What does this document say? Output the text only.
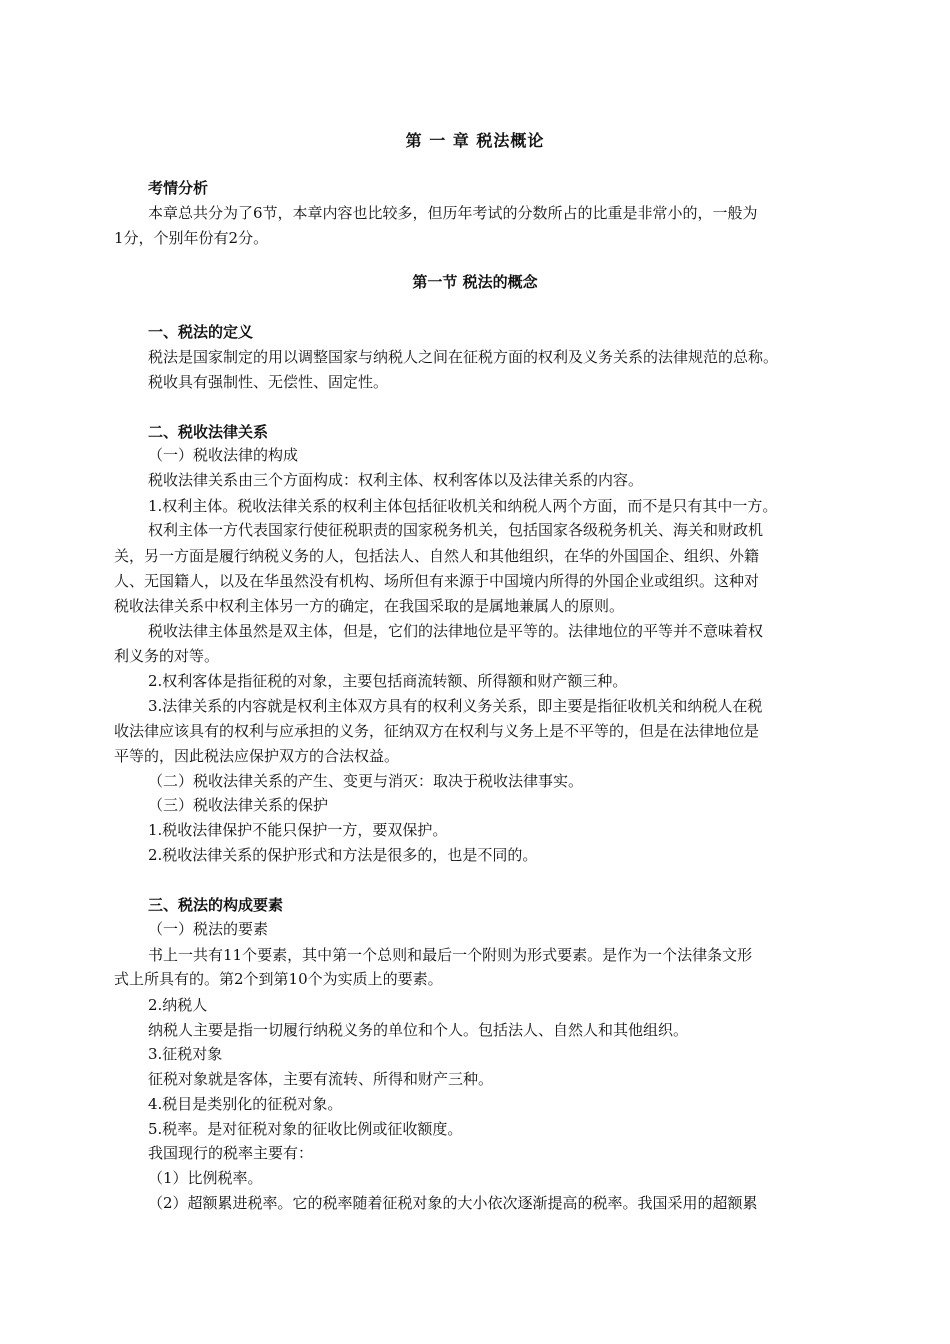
第 一 章 税法概论
考情分析
本章总共分为了6节，本章内容也比较多，但历年考试的分数所占的比重是非常小的，一般为
1分，个别年份有2分。
第一节 税法的概念
一、税法的定义
税法是国家制定的用以调整国家与纳税人之间在征税方面的权利及义务关系的法律规范的总称。
税收具有强制性、无偿性、固定性。
二、税收法律关系
（一）税收法律的构成
税收法律关系由三个方面构成：权利主体、权利客体以及法律关系的内容。
1.权利主体。税收法律关系的权利主体包括征收机关和纳税人两个方面，而不是只有其中一方。
权利主体一方代表国家行使征税职责的国家税务机关，包括国家各级税务机关、海关和财政机
关，另一方面是履行纳税义务的人，包括法人、自然人和其他组织，在华的外国国企、组织、外籍
人、无国籍人，以及在华虽然没有机构、场所但有来源于中国境内所得的外国企业或组织。这种对
税收法律关系中权利主体另一方的确定，在我国采取的是属地兼属人的原则。
税收法律主体虽然是双主体，但是，它们的法律地位是平等的。法律地位的平等并不意味着权
利义务的对等。
2.权利客体是指征税的对象，主要包括商流转额、所得额和财产额三种。
3.法律关系的内容就是权利主体双方具有的权利义务关系，即主要是指征收机关和纳税人在税
收法律应该具有的权利与应承担的义务，征纳双方在权利与义务上是不平等的，但是在法律地位是
平等的，因此税法应保护双方的合法权益。
（二）税收法律关系的产生、变更与消灭：取决于税收法律事实。
（三）税收法律关系的保护
1.税收法律保护不能只保护一方，要双保护。
2.税收法律关系的保护形式和方法是很多的，也是不同的。
三、税法的构成要素
（一）税法的要素
书上一共有11个要素，其中第一个总则和最后一个附则为形式要素。是作为一个法律条文形
式上所具有的。第2个到第10个为实质上的要素。
2.纳税人
纳税人主要是指一切履行纳税义务的单位和个人。包括法人、自然人和其他组织。
3.征税对象
征税对象就是客体，主要有流转、所得和财产三种。
4.税目是类别化的征税对象。
5.税率。是对征税对象的征收比例或征收额度。
我国现行的税率主要有：
（1）比例税率。
（2）超额累进税率。它的税率随着征税对象的大小依次逐渐提高的税率。我国采用的超额累
